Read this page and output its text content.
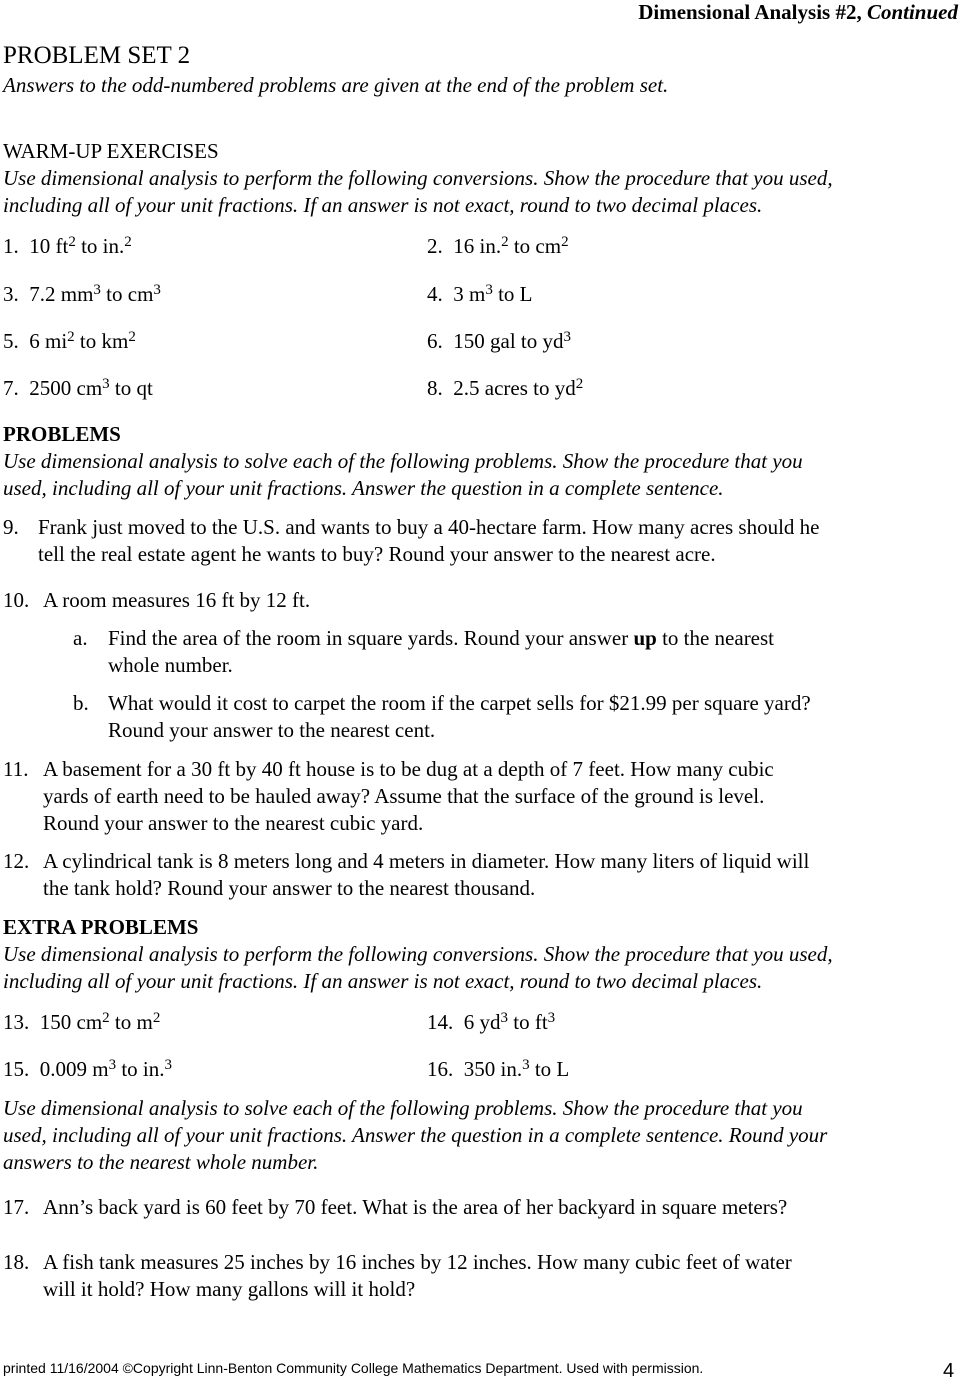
Dimensional Analysis #2, Continued
PROBLEM SET 2
Answers to the odd-numbered problems are given at the end of the problem set.
WARM-UP EXERCISES
Use dimensional analysis to perform the following conversions. Show the procedure that you used,
including all of your unit fractions. If an answer is not exact, round to two decimal places.
1. 10 $ft^2$ to in.$^2$	2. 16 in.$^2$ to $cm^2$
3. 7.2 $mm^3$ to $cm^3$	4. 3 $m^3$ to L
5. 6 $mi^2$ to $km^2$	6. 150 gal to $yd^3$
7. 2500 $cm^3$ to qt	8. 2.5 acres to $yd^2$
PROBLEMS
Use dimensional analysis to solve each of the following problems. Show the procedure that you
used, including all of your unit fractions. Answer the question in a complete sentence.
9. Frank just moved to the U.S. and wants to buy a 40-hectare farm. How many acres should he
tell the real estate agent he wants to buy? Round your answer to the nearest acre.
10. A room measures 16 ft by 12 ft.
a. Find the area of the room in square yards. Round your answer up to the nearest
whole number.
b. What would it cost to carpet the room if the carpet sells for $21.99 per square yard?
Round your answer to the nearest cent.
11. A basement for a 30 ft by 40 ft house is to be dug at a depth of 7 feet. How many cubic
yards of earth need to be hauled away? Assume that the surface of the ground is level.
Round your answer to the nearest cubic yard.
12. A cylindrical tank is 8 meters long and 4 meters in diameter. How many liters of liquid will
the tank hold? Round your answer to the nearest thousand.
EXTRA PROBLEMS
Use dimensional analysis to perform the following conversions. Show the procedure that you used,
including all of your unit fractions. If an answer is not exact, round to two decimal places.
13. 150 $cm^2$ to $m^2$	14. 6 $yd^3$ to $ft^3$
15. 0.009 $m^3$ to in.$^3$	16. 350 in.$^3$ to L
Use dimensional analysis to solve each of the following problems. Show the procedure that you
used, including all of your unit fractions. Answer the question in a complete sentence. Round your
answers to the nearest whole number.
17. Ann’s back yard is 60 feet by 70 feet. What is the area of her backyard in square meters?
18. A fish tank measures 25 inches by 16 inches by 12 inches. How many cubic feet of water
will it hold? How many gallons will it hold?
printed 11/16/2004 ©Copyright Linn-Benton Community College Mathematics Department. Used with permission.	4
